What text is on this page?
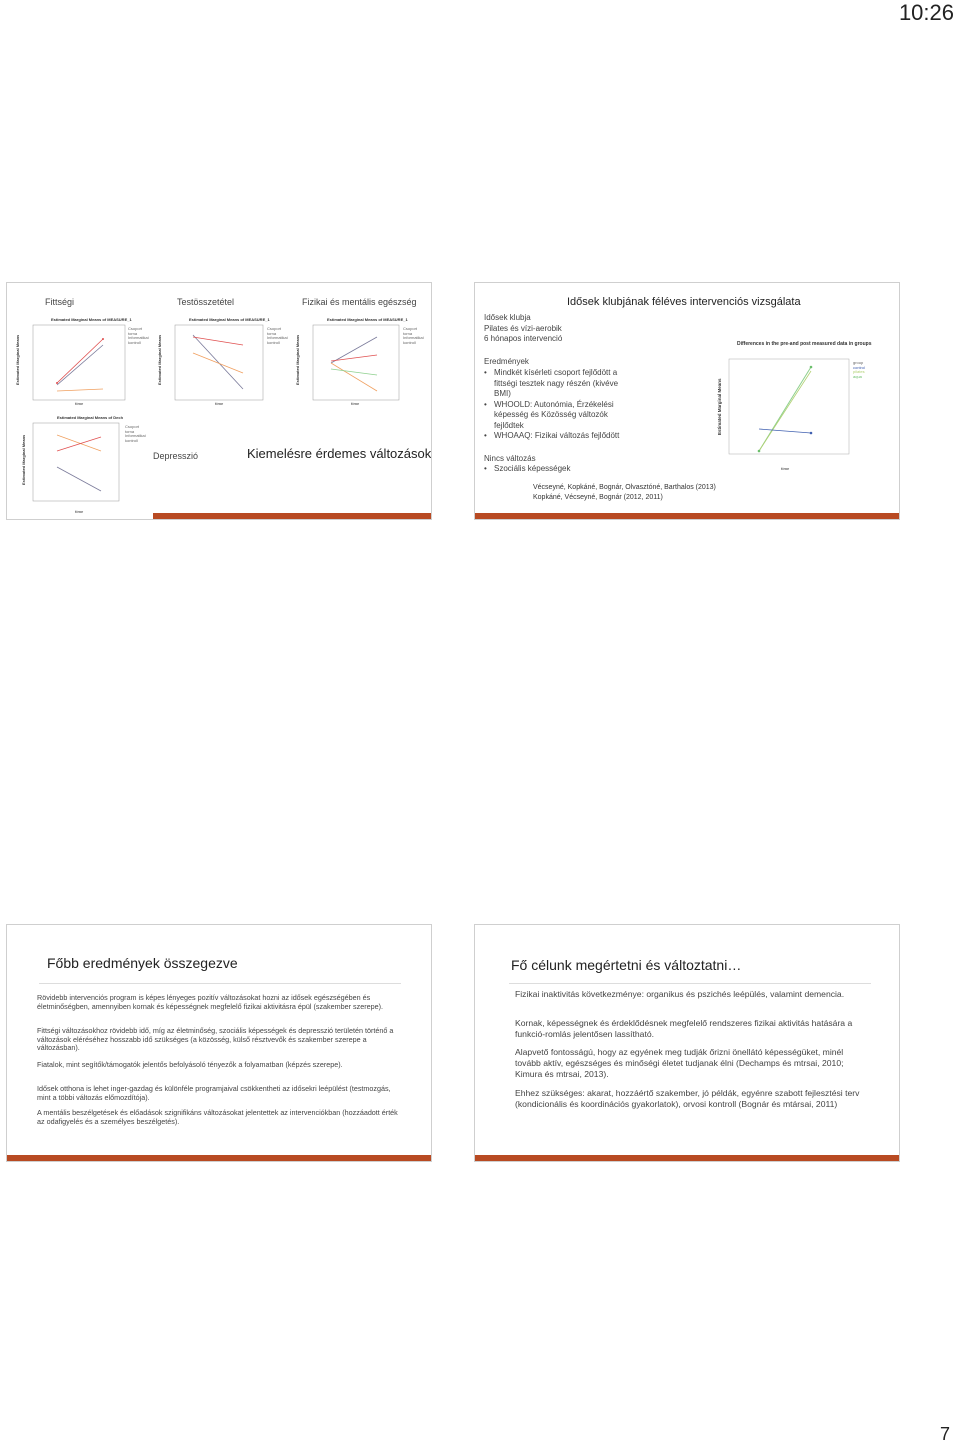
10:26
Fittségi	Testösszetétel	Fizikai és mentális egészség
Estimated Marginal Means of MEASURE_1
Estimated Marginal Means
Csoport
tornа
Informatikai
kontroll
time
Estimated Marginal Means of MEASURE_1
Estimated Marginal Means
Csoport
tornа
Informatikai
kontroll
time
Estimated Marginal Means of MEASURE_1
Estimated Marginal Means
Csoport
tornа
Informatikai
kontroll
time
Estimated Marginal Means of Dech
Estimated Marginal Means
Csoport
tornа
Informatikai
kontroll
time
Depresszió	Kiemelésre érdemes változások
Idősek klubjának féléves intervenciós vizsgálata
Idősek klubja
Pilates és vízi-aerobik
6 hónapos intervenció
Eredmények
• Mindkét kísérleti csoport fejlődött a fittségi tesztek nagy részén (kivéve BMI)
• WHOOLD: Autonómia, Érzékelési képesség és Közösség változók fejlődtek
• WHOAAQ: Fizikai változás fejlődött
Nincs változás
• Szociális képességek
Vécseyné, Kopkáné, Bognár, Olvasztóné, Barthalos (2013)
Kopkáné, Vécseyné, Bognár (2012, 2011)
Differences in the pre-and post measured data in groups
Estimated Marginal Means
group
control
pilates
aqua
time
Főbb eredmények összegezve
Rövidebb intervenciós program is képes lényeges pozitív változásokat hozni az idősek egészségében és életminőségben, amennyiben kornak és képességnek megfelelő fizikai aktivitásra épül (szakember szerepe).
Fittségi változásokhoz rövidebb idő, míg az életminőség, szociális képességek és depresszió területén történő a változások eléréséhez hosszabb idő szükséges (a közösség, külső résztvevők és szakember szerepe a változásban).
Fiatalok, mint segítők/támogatók jelentős befolyásoló tényezők a folyamatban (képzés szerepe).
Idősek otthona is lehet inger-gazdag és különféle programjaival csökkentheti az idősekri leépülést (testmozgás, mint a többi változás előmozdítója).
A mentális beszélgetések és előadások szignifikáns változásokat jelentettek az intervenciókban (hozzáadott érték az odafigyelés és a személyes beszélgetés).
Fő célunk megértetni és változtatni…
Fizikai inaktivitás következménye: organikus és pszichés leépülés, valamint demencia.
Kornak, képességnek és érdeklődésnek megfelelő rendszeres fizikai aktivitás hatására a funkció-romlás jelentősen lassítható.
Alapvető fontosságú, hogy az egyének meg tudják őrizni önellátó képességüket, minél tovább aktív, egészséges és minőségi életet tudjanak élni (Dechamps és mtrsai, 2010; Kimura és mtrsai, 2013).
Ehhez szükséges: akarat, hozzáértő szakember, jó példák, egyénre szabott fejlesztési terv (kondicionális és koordinációs gyakorlatok), orvosi kontroll (Bognár és mtársai, 2011)
7
